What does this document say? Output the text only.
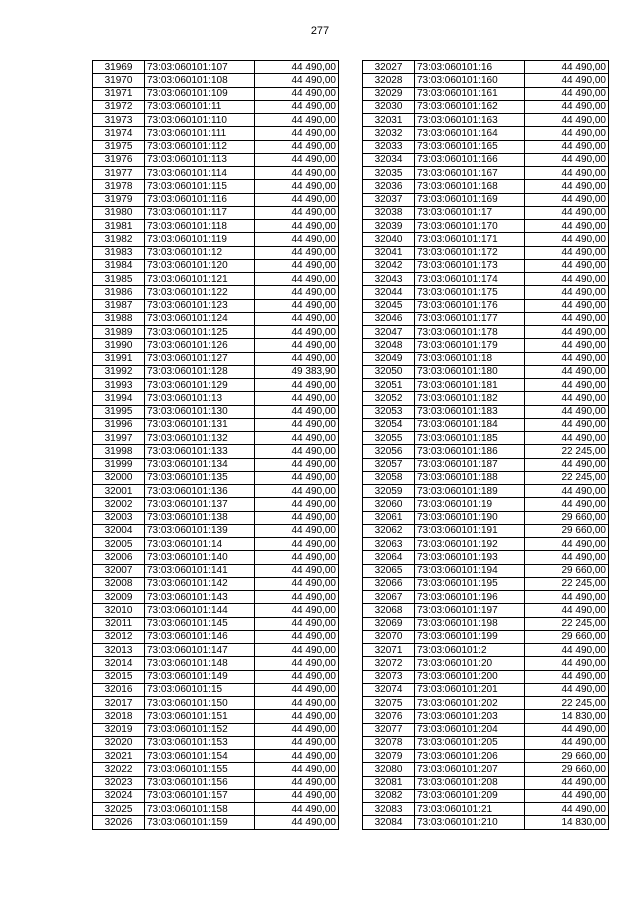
277
31969	73:03:060101:107	44 490,00
31970	73:03:060101:108	44 490,00
31971	73:03:060101:109	44 490,00
31972	73:03:060101:11	44 490,00
31973	73:03:060101:110	44 490,00
31974	73:03:060101:111	44 490,00
31975	73:03:060101:112	44 490,00
31976	73:03:060101:113	44 490,00
31977	73:03:060101:114	44 490,00
31978	73:03:060101:115	44 490,00
31979	73:03:060101:116	44 490,00
31980	73:03:060101:117	44 490,00
31981	73:03:060101:118	44 490,00
31982	73:03:060101:119	44 490,00
31983	73:03:060101:12	44 490,00
31984	73:03:060101:120	44 490,00
31985	73:03:060101:121	44 490,00
31986	73:03:060101:122	44 490,00
31987	73:03:060101:123	44 490,00
31988	73:03:060101:124	44 490,00
31989	73:03:060101:125	44 490,00
31990	73:03:060101:126	44 490,00
31991	73:03:060101:127	44 490,00
31992	73:03:060101:128	49 383,90
31993	73:03:060101:129	44 490,00
31994	73:03:060101:13	44 490,00
31995	73:03:060101:130	44 490,00
31996	73:03:060101:131	44 490,00
31997	73:03:060101:132	44 490,00
31998	73:03:060101:133	44 490,00
31999	73:03:060101:134	44 490,00
32000	73:03:060101:135	44 490,00
32001	73:03:060101:136	44 490,00
32002	73:03:060101:137	44 490,00
32003	73:03:060101:138	44 490,00
32004	73:03:060101:139	44 490,00
32005	73:03:060101:14	44 490,00
32006	73:03:060101:140	44 490,00
32007	73:03:060101:141	44 490,00
32008	73:03:060101:142	44 490,00
32009	73:03:060101:143	44 490,00
32010	73:03:060101:144	44 490,00
32011	73:03:060101:145	44 490,00
32012	73:03:060101:146	44 490,00
32013	73:03:060101:147	44 490,00
32014	73:03:060101:148	44 490,00
32015	73:03:060101:149	44 490,00
32016	73:03:060101:15	44 490,00
32017	73:03:060101:150	44 490,00
32018	73:03:060101:151	44 490,00
32019	73:03:060101:152	44 490,00
32020	73:03:060101:153	44 490,00
32021	73:03:060101:154	44 490,00
32022	73:03:060101:155	44 490,00
32023	73:03:060101:156	44 490,00
32024	73:03:060101:157	44 490,00
32025	73:03:060101:158	44 490,00
32026	73:03:060101:159	44 490,00
32027	73:03:060101:16	44 490,00
32028	73:03:060101:160	44 490,00
32029	73:03:060101:161	44 490,00
32030	73:03:060101:162	44 490,00
32031	73:03:060101:163	44 490,00
32032	73:03:060101:164	44 490,00
32033	73:03:060101:165	44 490,00
32034	73:03:060101:166	44 490,00
32035	73:03:060101:167	44 490,00
32036	73:03:060101:168	44 490,00
32037	73:03:060101:169	44 490,00
32038	73:03:060101:17	44 490,00
32039	73:03:060101:170	44 490,00
32040	73:03:060101:171	44 490,00
32041	73:03:060101:172	44 490,00
32042	73:03:060101:173	44 490,00
32043	73:03:060101:174	44 490,00
32044	73:03:060101:175	44 490,00
32045	73:03:060101:176	44 490,00
32046	73:03:060101:177	44 490,00
32047	73:03:060101:178	44 490,00
32048	73:03:060101:179	44 490,00
32049	73:03:060101:18	44 490,00
32050	73:03:060101:180	44 490,00
32051	73:03:060101:181	44 490,00
32052	73:03:060101:182	44 490,00
32053	73:03:060101:183	44 490,00
32054	73:03:060101:184	44 490,00
32055	73:03:060101:185	44 490,00
32056	73:03:060101:186	22 245,00
32057	73:03:060101:187	44 490,00
32058	73:03:060101:188	22 245,00
32059	73:03:060101:189	44 490,00
32060	73:03:060101:19	44 490,00
32061	73:03:060101:190	29 660,00
32062	73:03:060101:191	29 660,00
32063	73:03:060101:192	44 490,00
32064	73:03:060101:193	44 490,00
32065	73:03:060101:194	29 660,00
32066	73:03:060101:195	22 245,00
32067	73:03:060101:196	44 490,00
32068	73:03:060101:197	44 490,00
32069	73:03:060101:198	22 245,00
32070	73:03:060101:199	29 660,00
32071	73:03:060101:2	44 490,00
32072	73:03:060101:20	44 490,00
32073	73:03:060101:200	44 490,00
32074	73:03:060101:201	44 490,00
32075	73:03:060101:202	22 245,00
32076	73:03:060101:203	14 830,00
32077	73:03:060101:204	44 490,00
32078	73:03:060101:205	44 490,00
32079	73:03:060101:206	29 660,00
32080	73:03:060101:207	29 660,00
32081	73:03:060101:208	44 490,00
32082	73:03:060101:209	44 490,00
32083	73:03:060101:21	44 490,00
32084	73:03:060101:210	14 830,00
